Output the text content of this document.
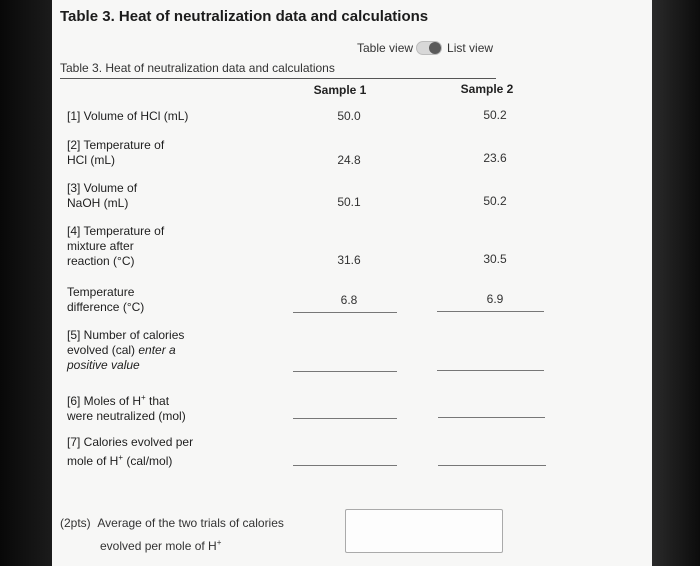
Table 3. Heat of neutralization data and calculations
Table view	List view
Table 3. Heat of neutralization data and calculations
Sample 1	Sample 2
[1] Volume of HCl (mL)	50.0	50.2
[2] Temperature of
HCl (mL)	24.8	23.6
[3] Volume of
NaOH (mL)	50.1	50.2
[4] Temperature of
mixture after
reaction (°C)	31.6	30.5
Temperature
difference (°C)	6.8	6.9
[5] Number of calories
evolved (cal) enter a
positive value
[6] Moles of H+ that
were neutralized (mol)
[7] Calories evolved per
mole of H+ (cal/mol)
(2pts) Average of the two trials of calories
evolved per mole of H+
